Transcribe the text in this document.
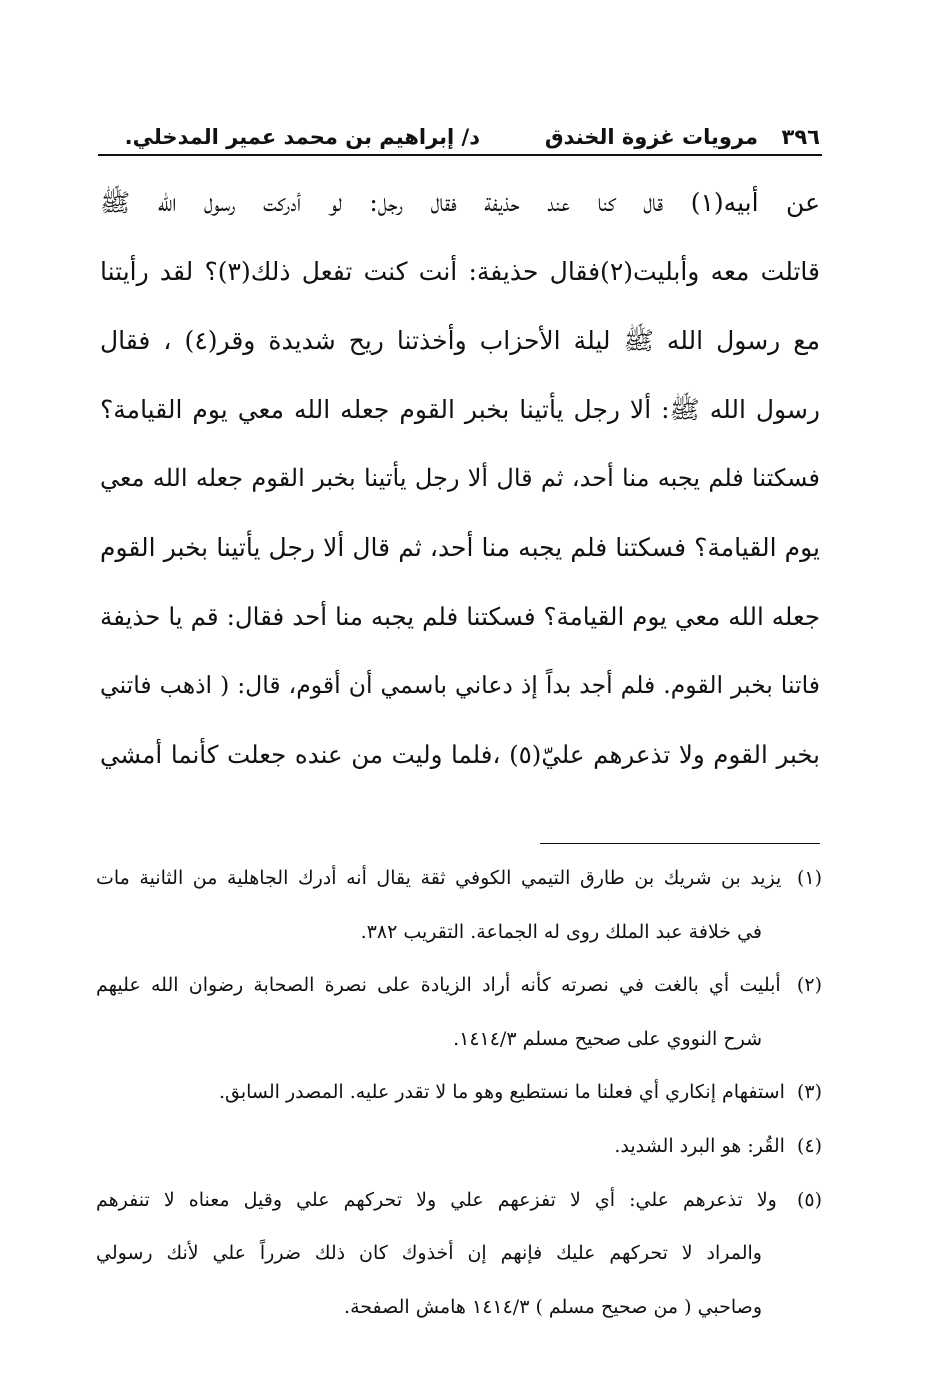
٣٩٦
مرويات غزوة الخندق
د/ إبراهيم بن محمد عمير المدخلي.
عن أبيه(١) قال كنا عند حذيفة فقال رجل: لو أدركت رسول الله ﷺ
قاتلت معه وأبليت(٢)فقال حذيفة: أنت كنت تفعل ذلك(٣)؟ لقد رأيتنا
مع رسول الله ﷺ ليلة الأحزاب وأخذتنا ريح شديدة وقر(٤) ، فقال
رسول الله ﷺ: ألا رجل يأتينا بخبر القوم جعله الله معي يوم القيامة؟
فسكتنا فلم يجبه منا أحد، ثم قال ألا رجل يأتينا بخبر القوم جعله الله معي
يوم القيامة؟ فسكتنا فلم يجبه منا أحد، ثم قال ألا رجل يأتينا بخبر القوم
جعله الله معي يوم القيامة؟ فسكتنا فلم يجبه منا أحد فقال: قم يا حذيفة
فاتنا بخبر القوم. فلم أجد بداً إذ دعاني باسمي أن أقوم، قال: ( اذهب فاتني
بخبر القوم ولا تذعرهم عليّ(٥) ،فلما وليت من عنده جعلت كأنما أمشي
(١) يزيد بن شريك بن طارق التيمي الكوفي ثقة يقال أنه أدرك الجاهلية من الثانية مات
في خلافة عبد الملك روى له الجماعة. التقريب ٣٨٢.
(٢) أبليت أي بالغت في نصرته كأنه أراد الزيادة على نصرة الصحابة رضوان الله عليهم
شرح النووي على صحيح مسلم ١٤١٤/٣.
(٣) استفهام إنكاري أي فعلنا ما نستطيع وهو ما لا تقدر عليه. المصدر السابق.
(٤) القُر: هو البرد الشديد.
(٥) ولا تذعرهم علي: أي لا تفزعهم علي ولا تحركهم علي وقيل معناه لا تنفرهم
والمراد لا تحركهم عليك فإنهم إن أخذوك كان ذلك ضرراً علي لأنك رسولي
وصاحبي ( من صحيح مسلم ) ١٤١٤/٣ هامش الصفحة.
